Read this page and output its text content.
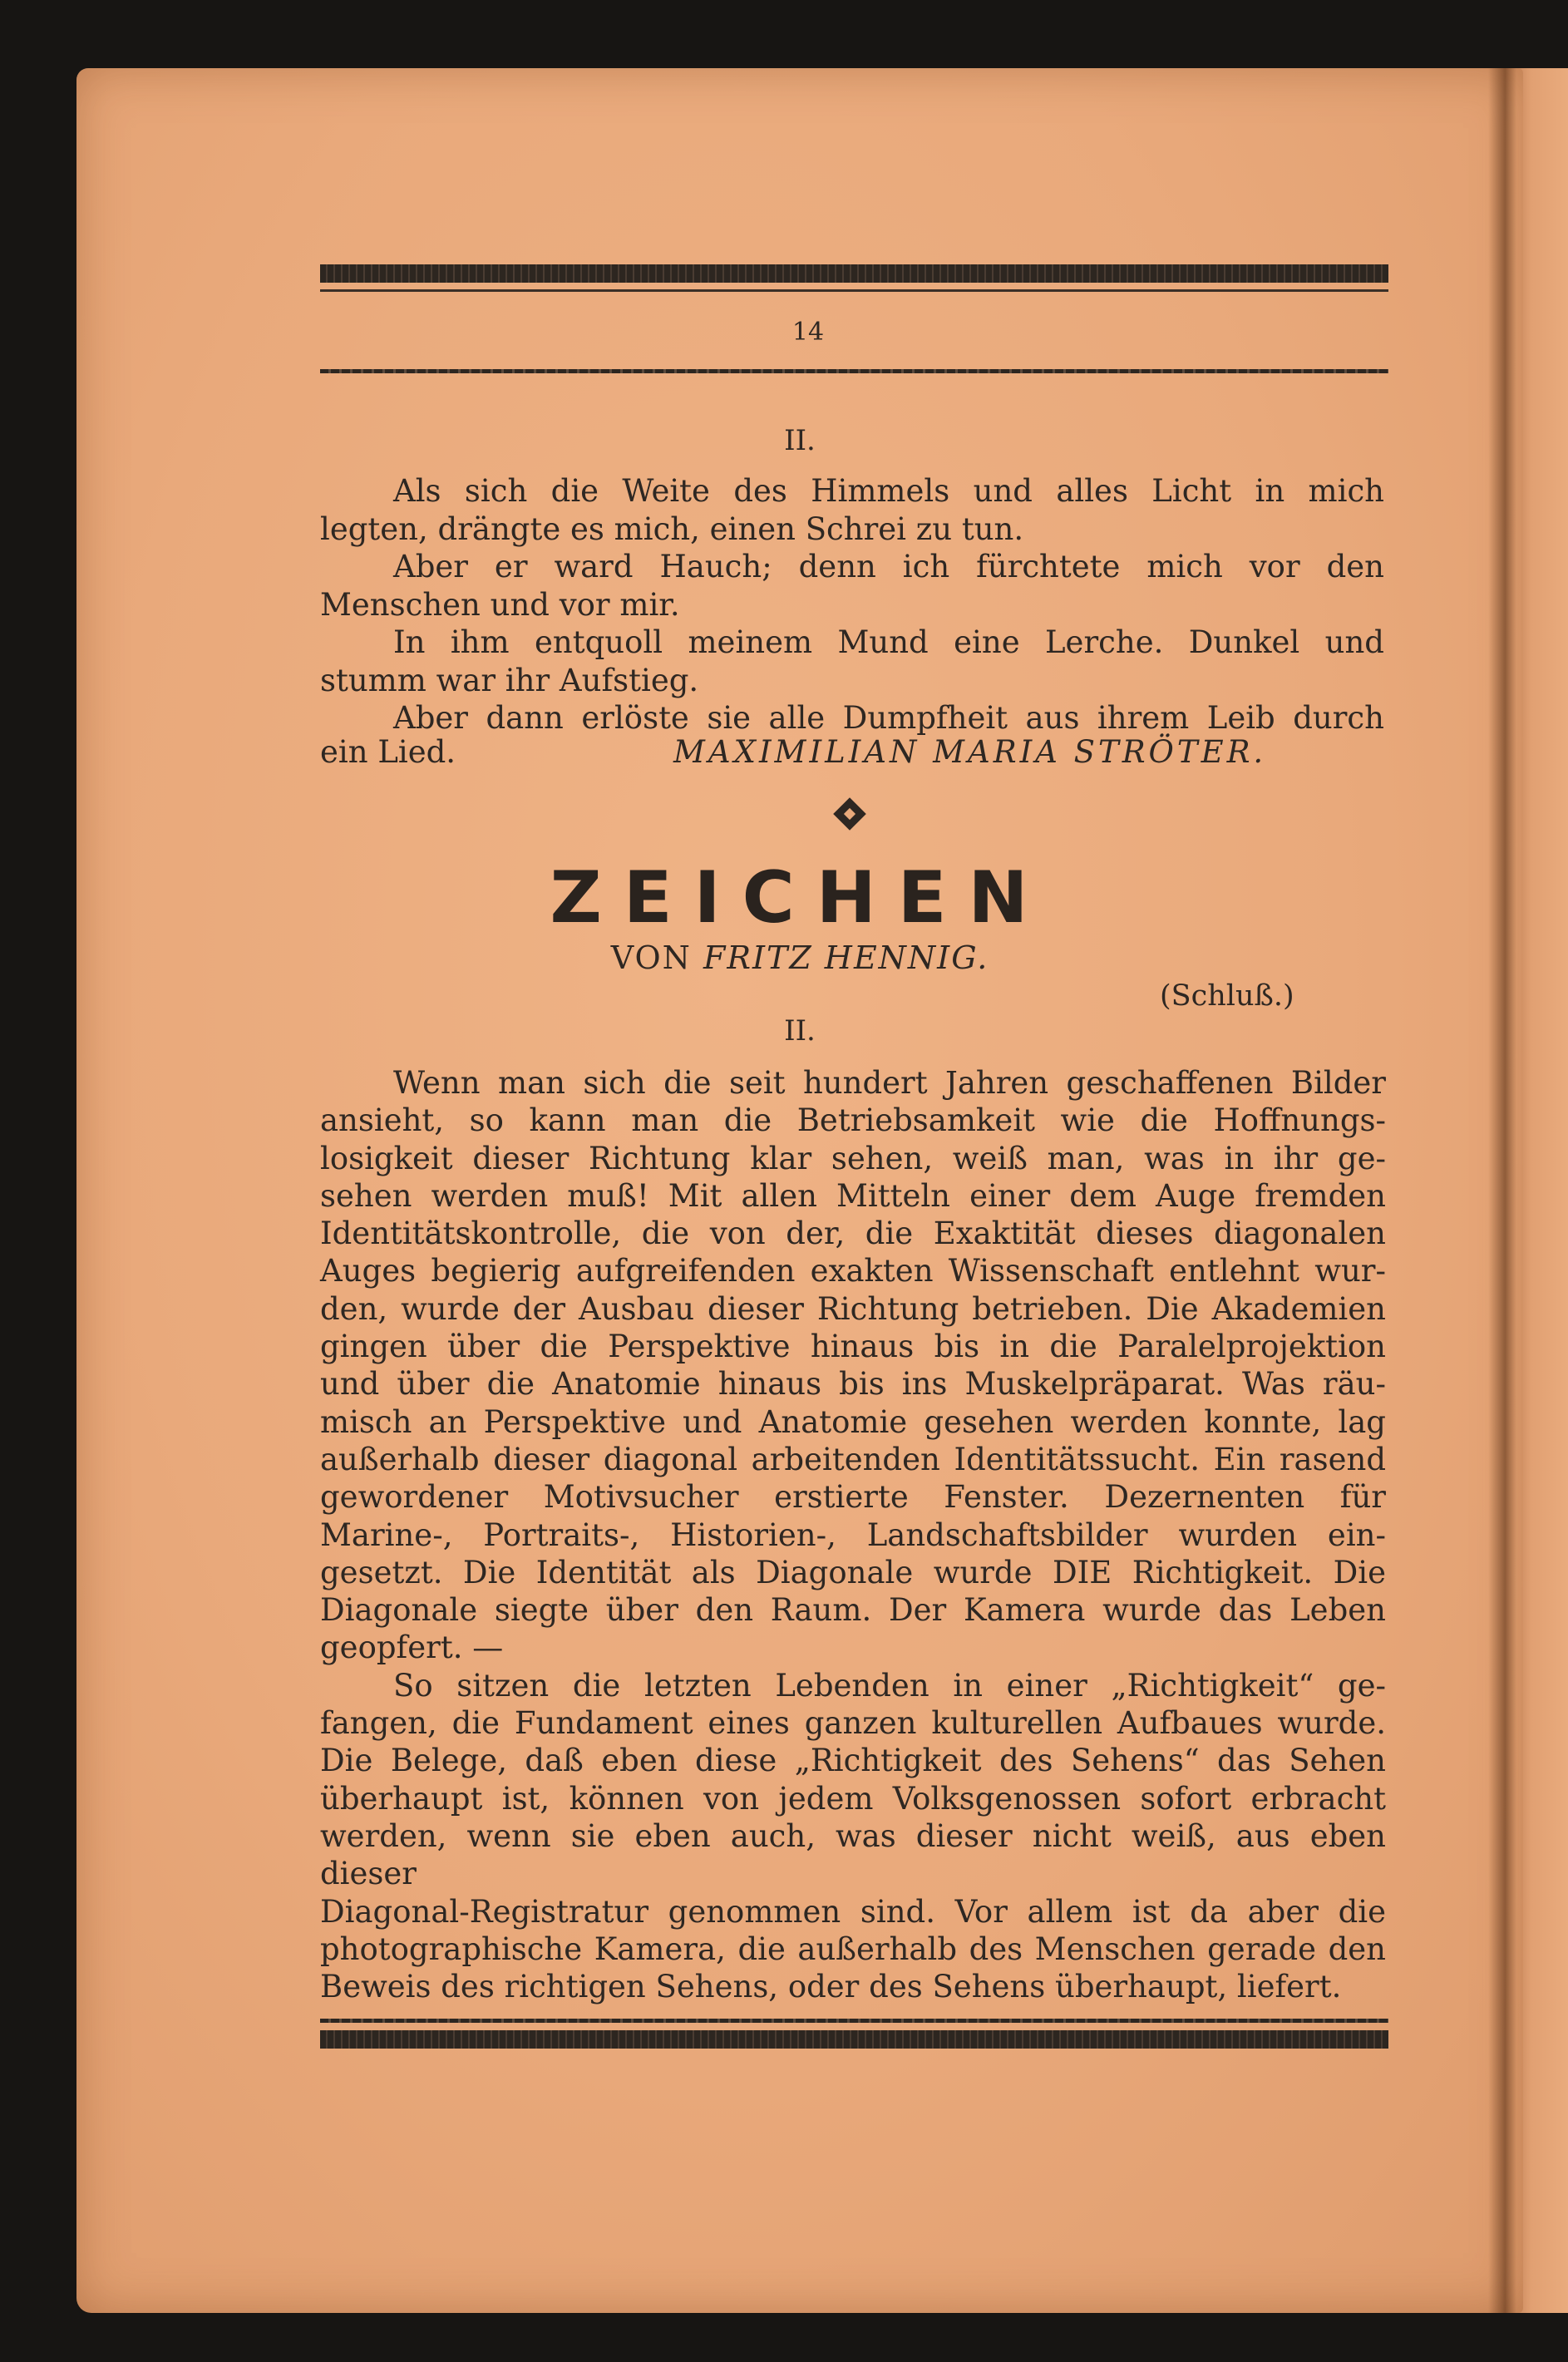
14
II.
Als sich die Weite des Himmels und alles Licht in mich
legten, drängte es mich, einen Schrei zu tun.
Aber er ward Hauch; denn ich fürchtete mich vor den
Menschen und vor mir.
In ihm entquoll meinem Mund eine Lerche. Dunkel und
stumm war ihr Aufstieg.
Aber dann erlöste sie alle Dumpfheit aus ihrem Leib durch
ein Lied.	MAXIMILIAN MARIA STRÖTER.
ZEICHEN
VON FRITZ HENNIG.
(Schluß.)
II.
Wenn man sich die seit hundert Jahren geschaffenen Bilder
ansieht, so kann man die Betriebsamkeit wie die Hoffnungs-
losigkeit dieser Richtung klar sehen, weiß man, was in ihr ge-
sehen werden muß! Mit allen Mitteln einer dem Auge fremden
Identitätskontrolle, die von der, die Exaktität dieses diagonalen
Auges begierig aufgreifenden exakten Wissenschaft entlehnt wur-
den, wurde der Ausbau dieser Richtung betrieben. Die Akademien
gingen über die Perspektive hinaus bis in die Paralelprojektion
und über die Anatomie hinaus bis ins Muskelpräparat. Was räu-
misch an Perspektive und Anatomie gesehen werden konnte, lag
außerhalb dieser diagonal arbeitenden Identitätssucht. Ein rasend
gewordener Motivsucher erstierte Fenster. Dezernenten für
Marine-, Portraits-, Historien-, Landschaftsbilder wurden ein-
gesetzt. Die Identität als Diagonale wurde DIE Richtigkeit. Die
Diagonale siegte über den Raum. Der Kamera wurde das Leben
geopfert. —
So sitzen die letzten Lebenden in einer „Richtigkeit“ ge-
fangen, die Fundament eines ganzen kulturellen Aufbaues wurde.
Die Belege, daß eben diese „Richtigkeit des Sehens“ das Sehen
überhaupt ist, können von jedem Volksgenossen sofort erbracht
werden, wenn sie eben auch, was dieser nicht weiß, aus eben dieser
Diagonal-Registratur genommen sind. Vor allem ist da aber die
photographische Kamera, die außerhalb des Menschen gerade den
Beweis des richtigen Sehens, oder des Sehens überhaupt, liefert.
